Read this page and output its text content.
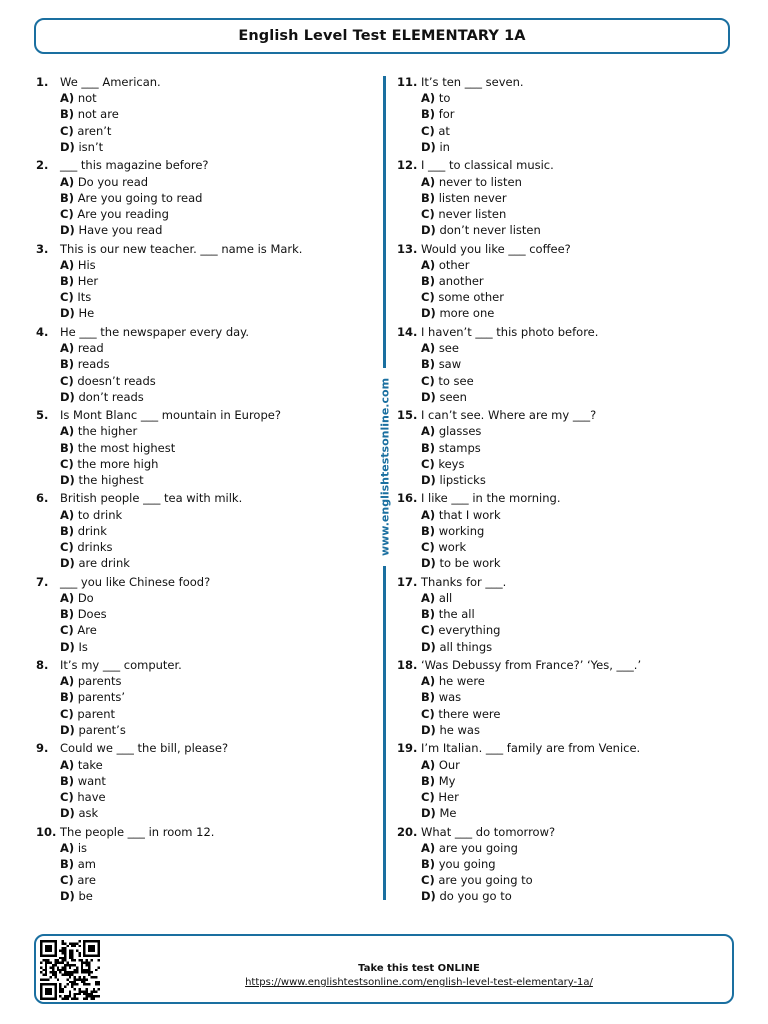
English Level Test ELEMENTARY 1A
1.	We ___ American.
A) not
B) not are
C) aren’t
D) isn’t
2.	___ this magazine before?
A) Do you read
B) Are you going to read
C) Are you reading
D) Have you read
3.	This is our new teacher. ___ name is Mark.
A) His
B) Her
C) Its
D) He
4.	He ___ the newspaper every day.
A) read
B) reads
C) doesn’t reads
D) don’t reads
5.	Is Mont Blanc ___ mountain in Europe?
A) the higher
B) the most highest
C) the more high
D) the highest
6.	British people ___ tea with milk.
A) to drink
B) drink
C) drinks
D) are drink
7.	___ you like Chinese food?
A) Do
B) Does
C) Are
D) Is
8.	It’s my ___ computer.
A) parents
B) parents’
C) parent
D) parent’s
9.	Could we ___ the bill, please?
A) take
B) want
C) have
D) ask
10. The people ___ in room 12.
A) is
B) am
C) are
D) be
11. It’s ten ___ seven.
A) to
B) for
C) at
D) in
12. I ___ to classical music.
A) never to listen
B) listen never
C) never listen
D) don’t never listen
13. Would you like ___ coffee?
A) other
B) another
C) some other
D) more one
14. I haven’t ___ this photo before.
A) see
B) saw
C) to see
D) seen
15. I can’t see. Where are my ___?
A) glasses
B) stamps
C) keys
D) lipsticks
16. I like ___ in the morning.
A) that I work
B) working
C) work
D) to be work
17. Thanks for ___.
A) all
B) the all
C) everything
D) all things
18. ‘Was Debussy from France?’ ‘Yes, ___.’
A) he were
B) was
C) there were
D) he was
19. I’m Italian. ___ family are from Venice.
A) Our
B) My
C) Her
D) Me
20. What ___ do tomorrow?
A) are you going
B) you going
C) are you going to
D) do you go to
www.englishtestsonline.com
Take this test ONLINE
https://www.englishtestsonline.com/english-level-test-elementary-1a/
